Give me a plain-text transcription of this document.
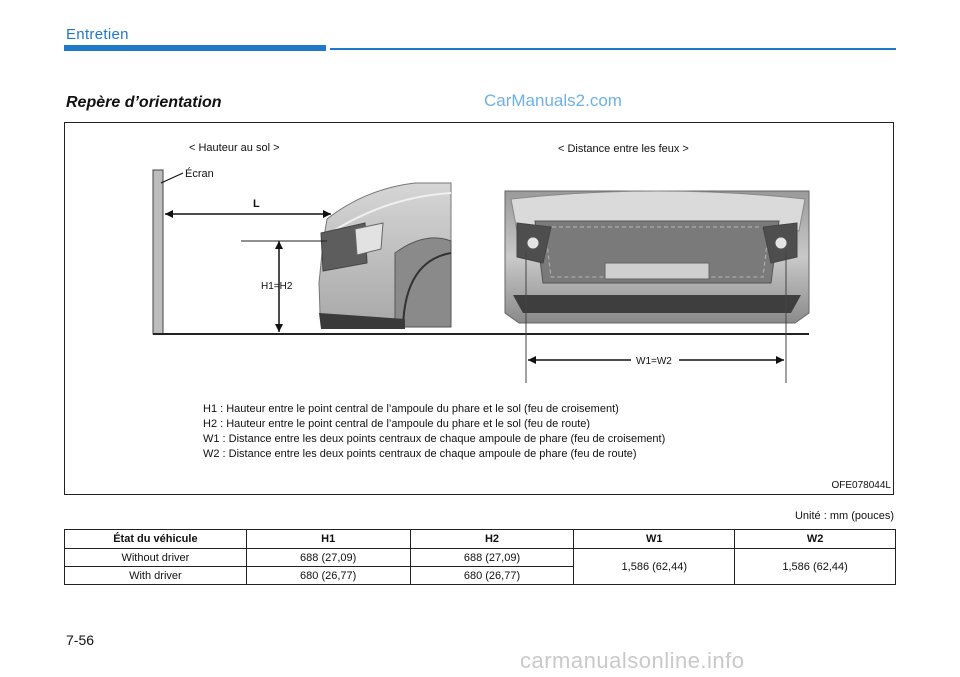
Entretien
Repère d’orientation	CarManuals2.com
< Hauteur au sol >	< Distance entre les feux >
Écran
L
H1=H2
W1=W2
H1 : Hauteur entre le point central de l’ampoule du phare et le sol (feu de croisement)
H2 : Hauteur entre le point central de l’ampoule du phare et le sol (feu de route)
W1 : Distance entre les deux points centraux de chaque ampoule de phare (feu de croisement)
W2 : Distance entre les deux points centraux de chaque ampoule de phare (feu de route)
OFE078044L
Unité : mm (pouces)
État du véhicule	H1	H2	W1	W2
Without driver	688 (27,09)	688 (27,09)	1,586 (62,44)	1,586 (62,44)
With driver	680 (26,77)	680 (26,77)		
7-56
carmanualsonline.info
